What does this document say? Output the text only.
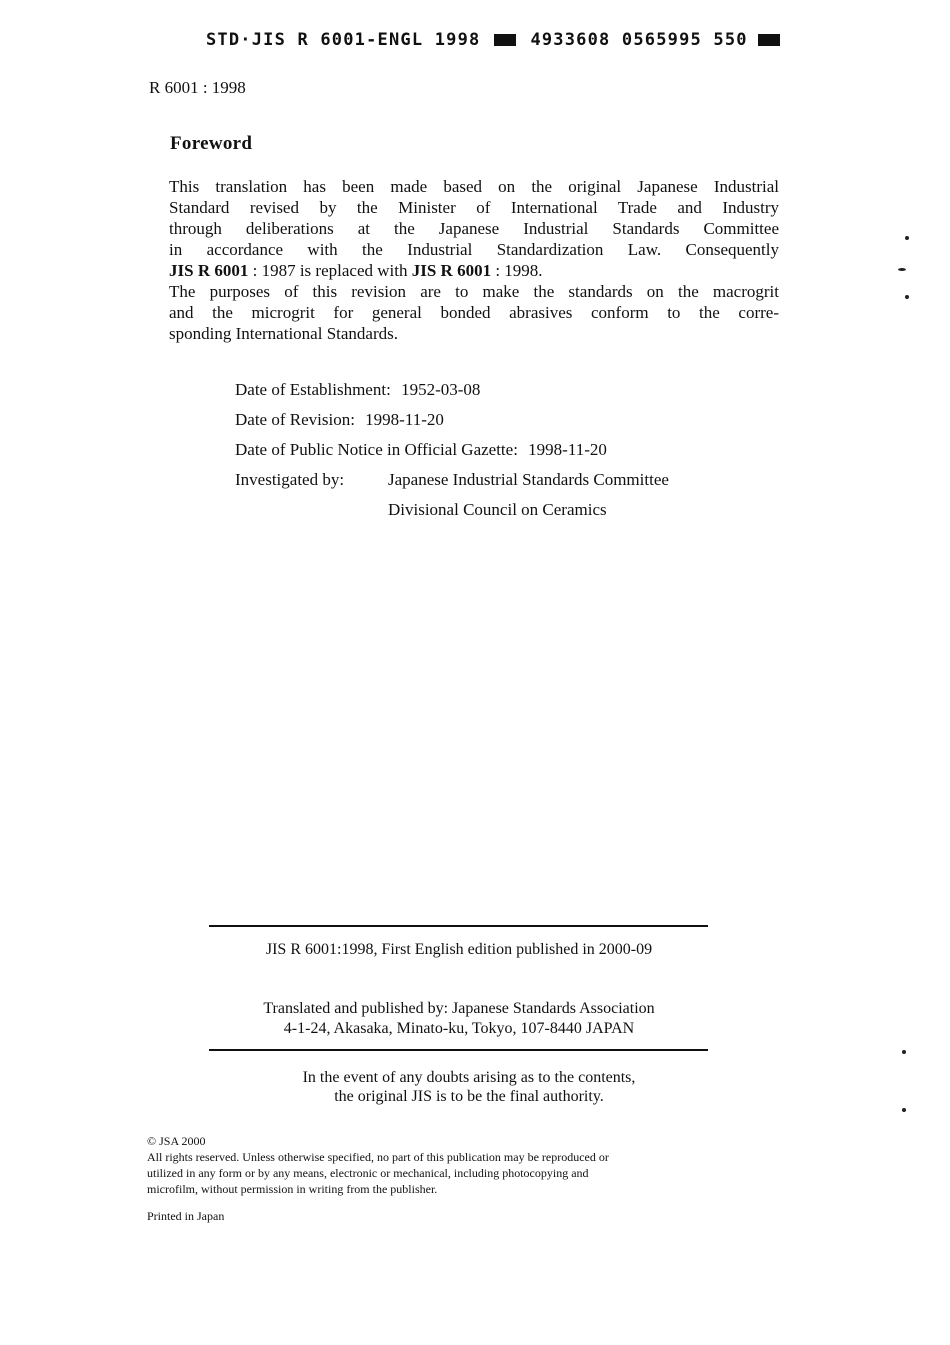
STD·JIS R 6001-ENGL 1998	4933608 0565995 550
R 6001 : 1998
Foreword
This translation has been made based on the original Japanese Industrial
Standard revised by the Minister of International Trade and Industry
through deliberations at the Japanese Industrial Standards Committee
in accordance with the Industrial Standardization Law. Consequently
JIS R 6001 : 1987 is replaced with JIS R 6001 : 1998.
The purposes of this revision are to make the standards on the macrogrit
and the microgrit for general bonded abrasives conform to the corre-
sponding International Standards.
Date of Establishment: 1952-03-08
Date of Revision: 1998-11-20
Date of Public Notice in Official Gazette: 1998-11-20
Investigated by:	Japanese Industrial Standards Committee
Divisional Council on Ceramics
JIS R 6001:1998, First English edition published in 2000-09
Translated and published by: Japanese Standards Association
4-1-24, Akasaka, Minato-ku, Tokyo, 107-8440 JAPAN
In the event of any doubts arising as to the contents,
the original JIS is to be the final authority.
© JSA 2000
All rights reserved. Unless otherwise specified, no part of this publication may be reproduced or
utilized in any form or by any means, electronic or mechanical, including photocopying and
microfilm, without permission in writing from the publisher.
Printed in Japan
